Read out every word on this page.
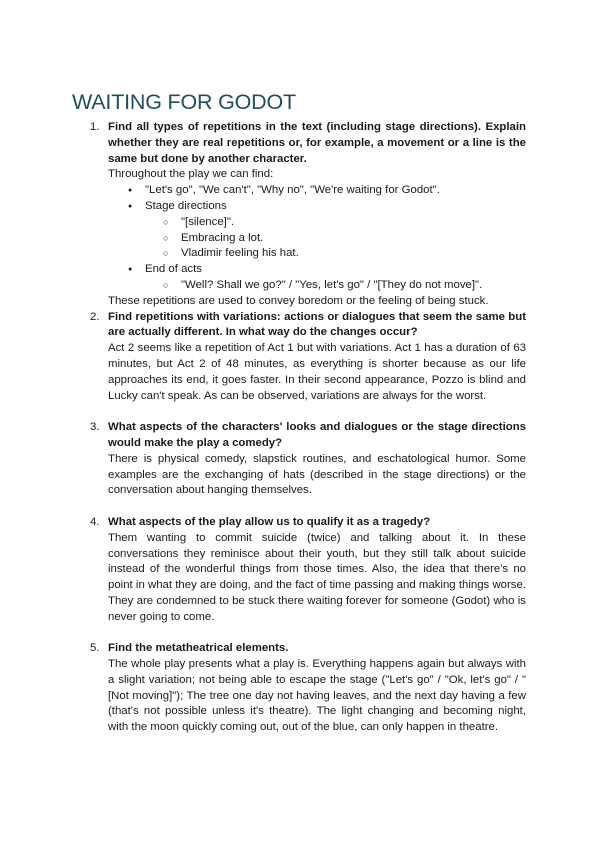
WAITING FOR GODOT
1. Find all types of repetitions in the text (including stage directions). Explain whether they are real repetitions or, for example, a movement or a line is the same but done by another character.
Throughout the play we can find:
● "Let's go", "We can't", "Why no", "We're waiting for Godot".
● Stage directions
○ "[silence]".
○ Embracing a lot.
○ Vladimir feeling his hat.
● End of acts
○ "Well? Shall we go?" / "Yes, let's go" / "[They do not move]".
These repetitions are used to convey boredom or the feeling of being stuck.
2. Find repetitions with variations: actions or dialogues that seem the same but are actually different. In what way do the changes occur?
Act 2 seems like a repetition of Act 1 but with variations. Act 1 has a duration of 63 minutes, but Act 2 of 48 minutes, as everything is shorter because as our life approaches its end, it goes faster. In their second appearance, Pozzo is blind and Lucky can't speak. As can be observed, variations are always for the worst.
3. What aspects of the characters' looks and dialogues or the stage directions would make the play a comedy?
There is physical comedy, slapstick routines, and eschatological humor. Some examples are the exchanging of hats (described in the stage directions) or the conversation about hanging themselves.
4. What aspects of the play allow us to qualify it as a tragedy?
Them wanting to commit suicide (twice) and talking about it. In these conversations they reminisce about their youth, but they still talk about suicide instead of the wonderful things from those times. Also, the idea that there's no point in what they are doing, and the fact of time passing and making things worse. They are condemned to be stuck there waiting forever for someone (Godot) who is never going to come.
5. Find the metatheatrical elements.
The whole play presents what a play is. Everything happens again but always with a slight variation; not being able to escape the stage ("Let's go" / "Ok, let's go" / "[Not moving]"); The tree one day not having leaves, and the next day having a few (that's not possible unless it's theatre). The light changing and becoming night, with the moon quickly coming out, out of the blue, can only happen in theatre.
